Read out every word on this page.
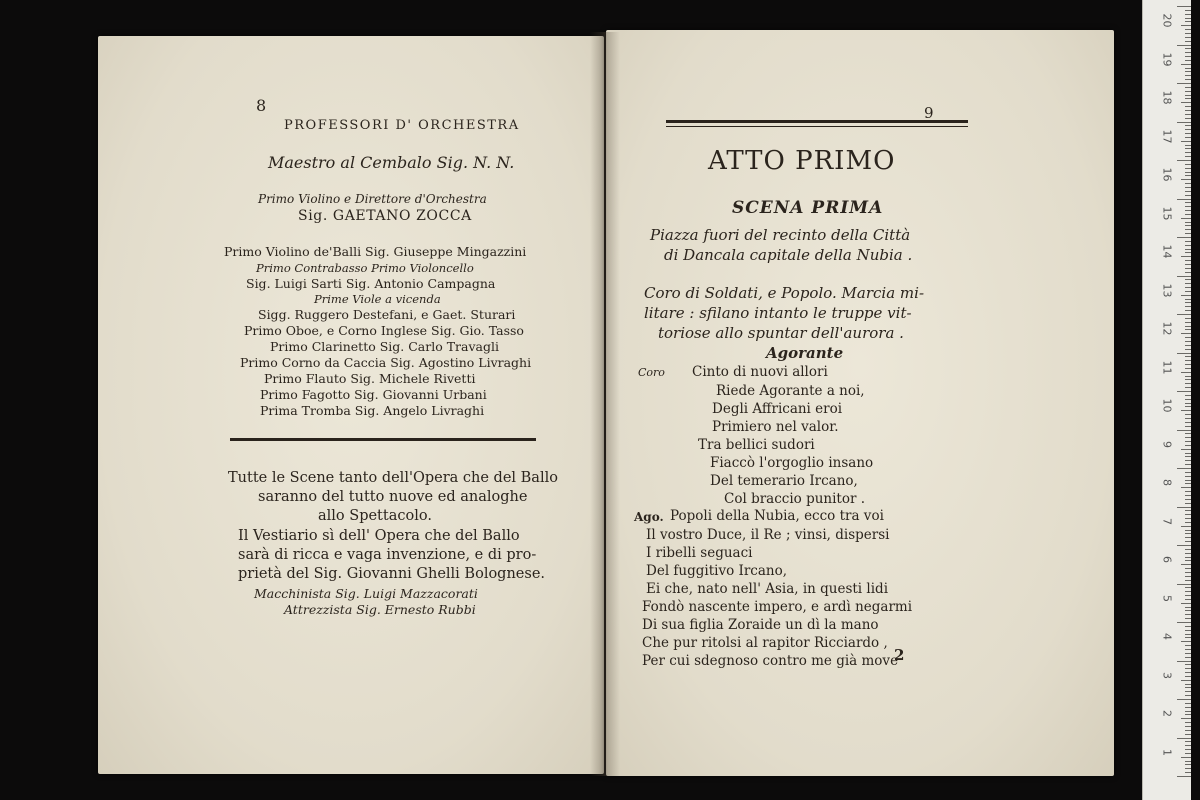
8
PROFESSORI D' ORCHESTRA
Maestro al Cembalo Sig. N. N.
Primo Violino e Direttore d'Orchestra
Sig. GAETANO ZOCCA
Primo Violino de'Balli Sig. Giuseppe Mingazzini
Primo Contrabasso Primo Violoncello
Sig. Luigi Sarti Sig. Antonio Campagna
Prime Viole a vicenda
Sigg. Ruggero Destefani, e Gaet. Sturari
Primo Oboe, e Corno Inglese Sig. Gio. Tasso
Primo Clarinetto Sig. Carlo Travagli
Primo Corno da Caccia Sig. Agostino Livraghi
Primo Flauto Sig. Michele Rivetti
Primo Fagotto Sig. Giovanni Urbani
Prima Tromba Sig. Angelo Livraghi
Tutte le Scene tanto dell'Opera che del Ballo
saranno del tutto nuove ed analoghe
allo Spettacolo.
Il Vestiario sì dell' Opera che del Ballo
sarà di ricca e vaga invenzione, e di pro-
prietà del Sig. Giovanni Ghelli Bolognese.
Macchinista Sig. Luigi Mazzacorati
Attrezzista Sig. Ernesto Rubbi
9
ATTO PRIMO
SCENA PRIMA
Piazza fuori del recinto della Città
di Dancala capitale della Nubia .
Coro di Soldati, e Popolo. Marcia mi-
litare : sfilano intanto le truppe vit-
toriose allo spuntar dell'aurora .
Agorante
Coro Cinto di nuovi allori
Riede Agorante a noi,
Degli Affricani eroi
Primiero nel valor.
Tra bellici sudori
Fiaccò l'orgoglio insano
Del temerario Ircano,
Col braccio punitor .
Ago. Popoli della Nubia, ecco tra voi
Il vostro Duce, il Re ; vinsi, dispersi
I ribelli seguaci
Del fuggitivo Ircano,
Ei che, nato nell' Asia, in questi lidi
Fondò nascente impero, e ardì negarmi
Di sua figlia Zoraide un dì la mano
Che pur ritolsi al rapitor Ricciardo ,
Per cui sdegnoso contro me già move
2
20
19
18
17
16
15
14
13
12
11
10
9
8
7
6
5
4
3
2
1
